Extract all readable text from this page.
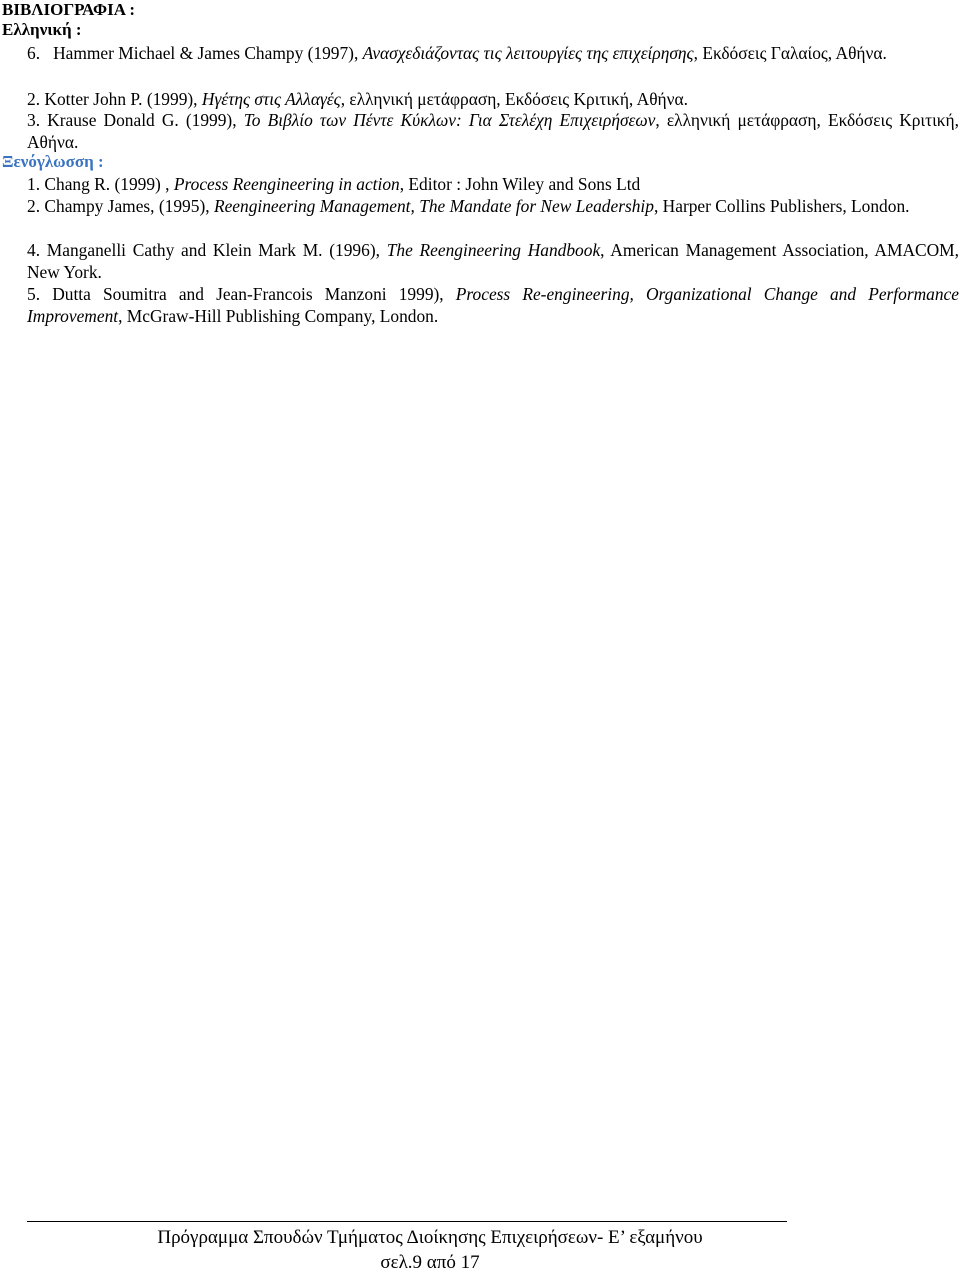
ΒΙΒΛΙΟΓΡΑΦΙΑ :

Ελληνική :

6. Hammer Michael & James Champy (1997), Ανασχεδιάζοντας τις λειτουργίες της επιχείρησης, Εκδόσεις Γαλαίος, Αθήνα.

2. Kotter John P. (1999), Ηγέτης στις Αλλαγές, ελληνική μετάφραση, Εκδόσεις Κριτική, Αθήνα.

3. Krause Donald G. (1999), Το Βιβλίο των Πέντε Κύκλων: Για Στελέχη Επιχειρήσεων, ελληνική μετάφραση, Εκδόσεις Κριτική, Αθήνα.

Ξενόγλωσση :

1. Chang R. (1999) , Process Reengineering in action, Editor : John Wiley and Sons Ltd

2. Champy James, (1995), Reengineering Management, The Mandate for New Leadership, Harper Collins Publishers, London.

4. Manganelli Cathy and Klein Mark M. (1996), The Reengineering Handbook, American Management Association, AMACOM, New York.

5. Dutta Soumitra and Jean-Francois Manzoni 1999), Process Re-engineering, Organizational Change and Performance Improvement, McGraw-Hill Publishing Company, London.

Πρόγραμμα Σπουδών Τμήματος Διοίκησης Επιχειρήσεων- Ε’ εξαμήνου

σελ.9 από 17
